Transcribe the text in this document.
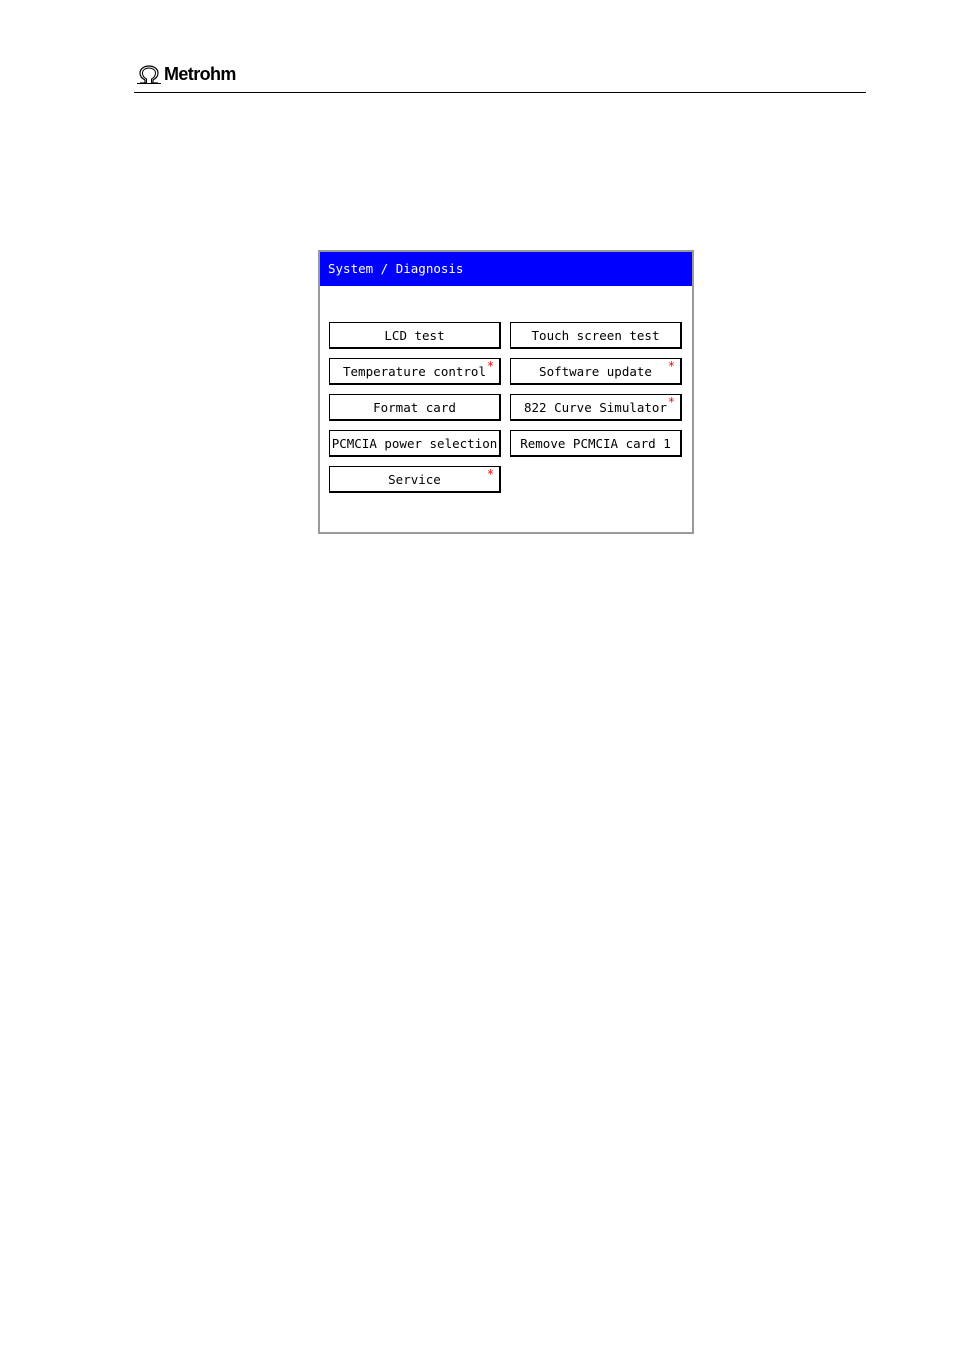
Metrohm
System / Diagnosis
LCD test	Touch screen test
Temperature control *	Software update *
Format card	822 Curve Simulator *
PCMCIA power selection Remove PCMCIA card 1
Service	*
